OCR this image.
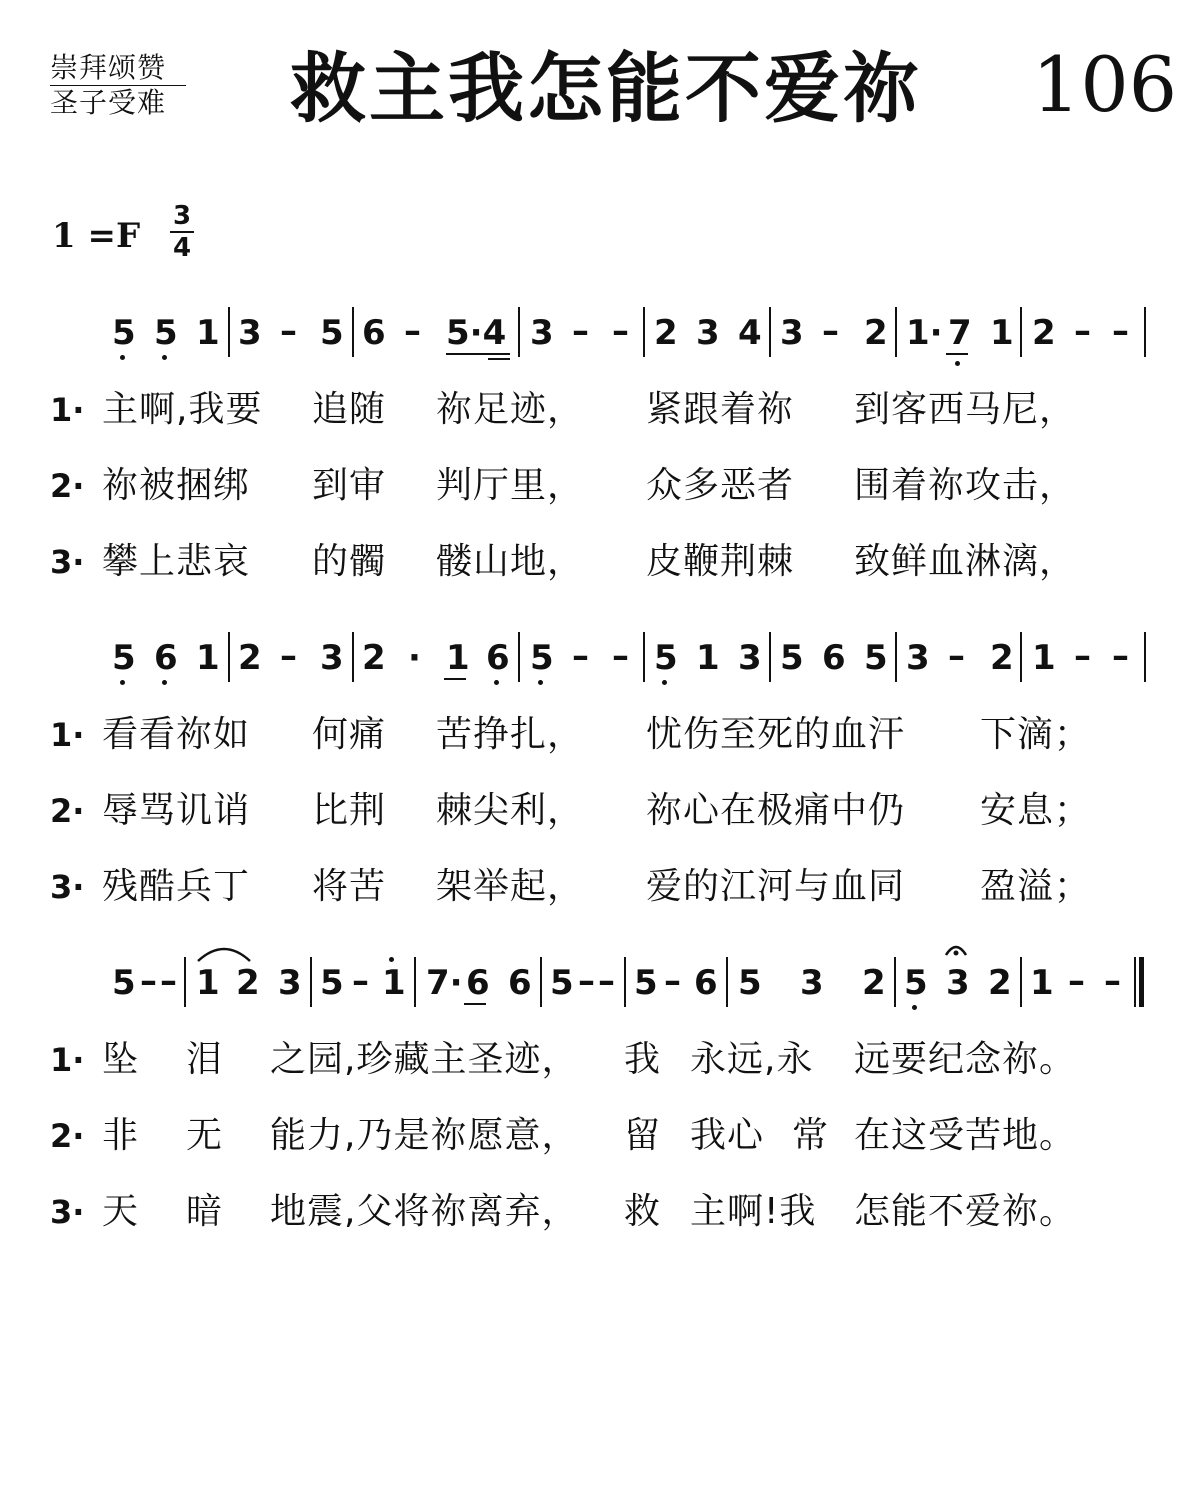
崇拜颂赞
圣子受难 救主我怎能不爱祢 106
1 =F 3
4
5 5 1 3 – 5 6 – 5·4 3 – – 2 3 4 3 – 2 1· 7 1 2 – –
1 · 主啊,我要 追随 祢足迹， 紧跟着祢 到客西马尼，
2 · 祢被捆绑 到审 判厅里， 众多恶者 围着祢攻击，
3 · 攀上悲哀 的髑 髅山地， 皮鞭荆棘 致鲜血淋漓，
5 6 1 2 – 3 2 · 1 6 5 – – 5 1 3 5 6 5 3 – 2 1 – –
1 · 看看祢如 何痛 苦挣扎， 忧伤至死的血汗 下滴；
2 · 辱骂讥诮 比荆 棘尖利， 祢心在极痛中仍 安息；
3 · 残酷兵丁 将苦 架举起， 爱的江河与血同 盈溢；
5 – – 1 2 3 5 – 1 7· 6 6 5 – – 5 – 6 5 3 2 5 3 2 1 – –
1 · 坠 泪 之园,珍藏主圣迹， 我 永远,永 远要纪念祢。
2 · 非 无 能力,乃是祢愿意， 留 我心 常 在这受苦地。
3 · 天 暗 地震,父将祢离弃， 救 主啊!我 怎能不爱祢。
